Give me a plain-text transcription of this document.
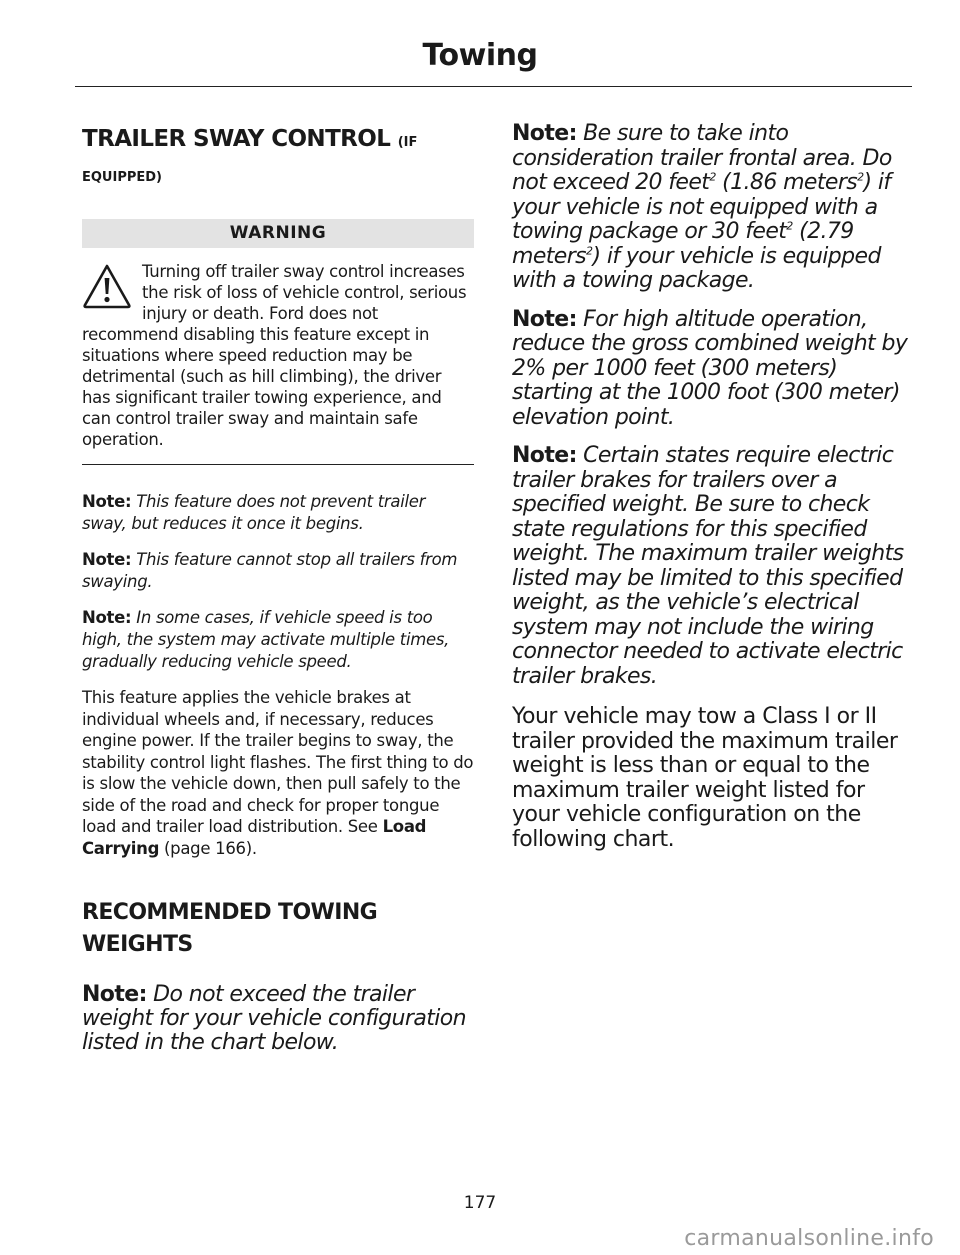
Towing
TRAILER SWAY CONTROL (IF
EQUIPPED)
WARNING
Turning off trailer sway control increases the risk of loss of vehicle control, serious injury or death. Ford does not recommend disabling this feature except in situations where speed reduction may be detrimental (such as hill climbing), the driver has significant trailer towing experience, and can control trailer sway and maintain safe operation.
Note: This feature does not prevent trailer sway, but reduces it once it begins.
Note: This feature cannot stop all trailers from swaying.
Note: In some cases, if vehicle speed is too high, the system may activate multiple times, gradually reducing vehicle speed.
This feature applies the vehicle brakes at individual wheels and, if necessary, reduces engine power. If the trailer begins to sway, the stability control light flashes. The first thing to do is slow the vehicle down, then pull safely to the side of the road and check for proper tongue load and trailer load distribution. See Load Carrying (page 166).
RECOMMENDED TOWING
WEIGHTS
Note: Do not exceed the trailer weight for your vehicle configuration listed in the chart below.
Note: Be sure to take into consideration trailer frontal area. Do not exceed 20 feet$^2$ (1.86 meters$^2$) if your vehicle is not equipped with a towing package or 30 feet$^2$ (2.79 meters$^2$) if your vehicle is equipped with a towing package.
Note: For high altitude operation, reduce the gross combined weight by 2% per 1000 feet (300 meters) starting at the 1000 foot (300 meter) elevation point.
Note: Certain states require electric trailer brakes for trailers over a specified weight. Be sure to check state regulations for this specified weight. The maximum trailer weights listed may be limited to this specified weight, as the vehicle’s electrical system may not include the wiring connector needed to activate electric trailer brakes.
Your vehicle may tow a Class I or II trailer provided the maximum trailer weight is less than or equal to the maximum trailer weight listed for your vehicle configuration on the following chart.
177
carmanualsonline.info
